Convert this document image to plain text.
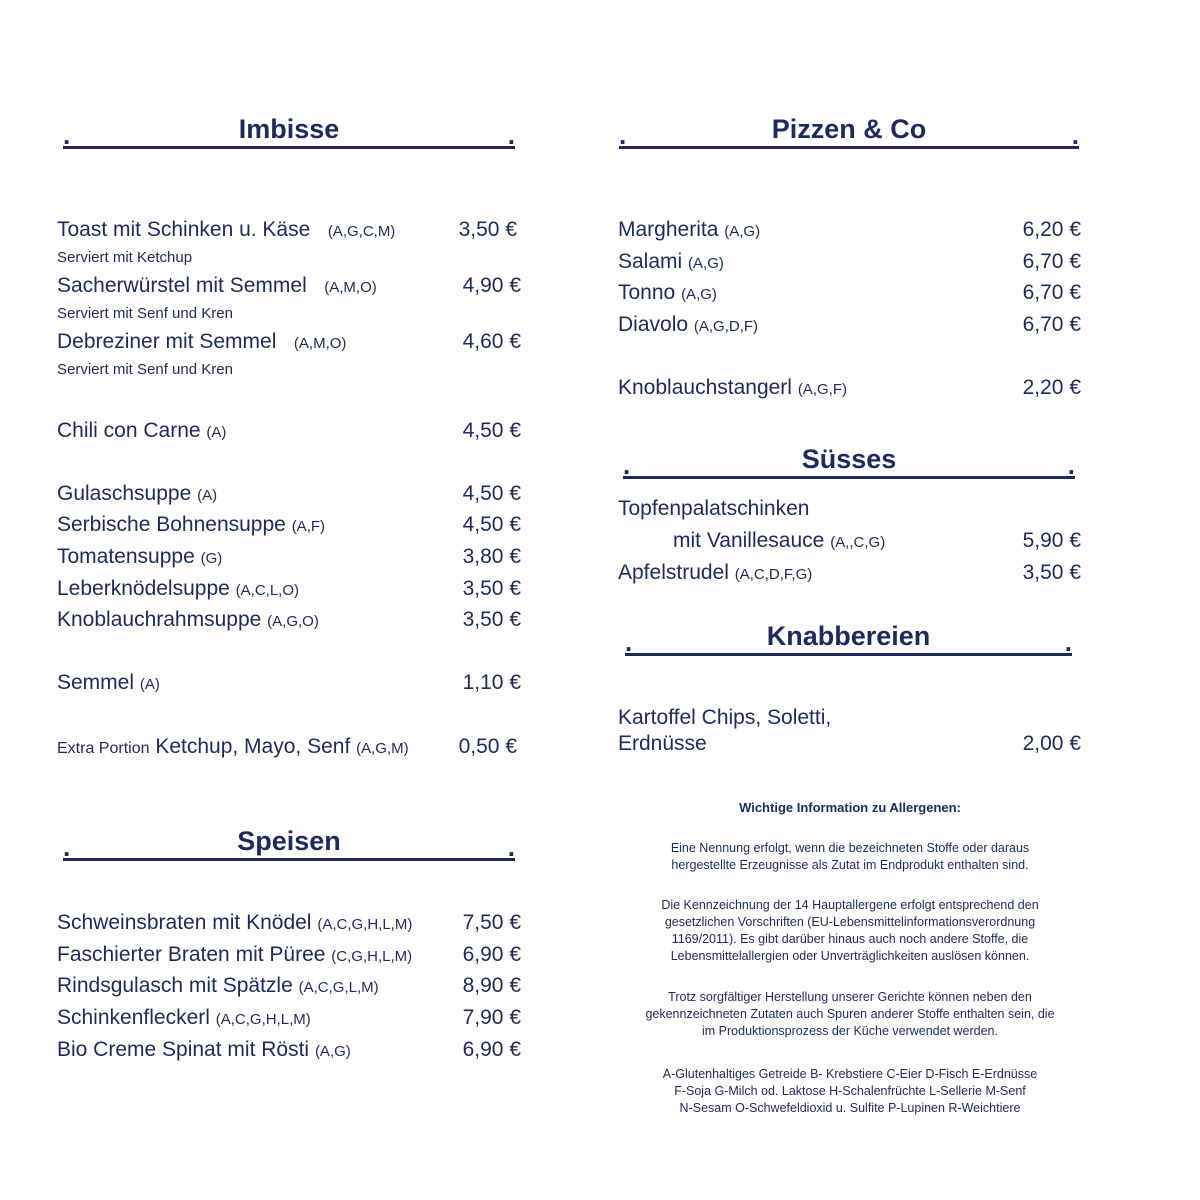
.	Imbisse	.	.	Pizzen & Co	.
.	Süsses	.
.	Knabbereien	.
.	Speisen	.
Toast mit Schinken u. Käse (A,G,C,M)	3,50 €
Serviert mit Ketchup
Sacherwürstel mit Semmel (A,M,O)	4,90 €
Serviert mit Senf und Kren
Debreziner mit Semmel (A,M,O)	4,60 €
Serviert mit Senf und Kren
Chili con Carne (A)	4,50 €
Gulaschsuppe (A)	4,50 €
Serbische Bohnensuppe (A,F)	4,50 €
Tomatensuppe (G)	3,80 €
Leberknödelsuppe (A,C,L,O)	3,50 €
Knoblauchrahmsuppe (A,G,O)	3,50 €
Semmel (A)	1,10 €
Extra Portion Ketchup, Mayo, Senf (A,G,M) 0,50 €
Schweinsbraten mit Knödel (A,C,G,H,L,M) 7,50 €
Faschierter Braten mit Püree (C,G,H,L,M) 6,90 €
Rindsgulasch mit Spätzle (A,C,G,L,M)	8,90 €
Schinkenfleckerl (A,C,G,H,L,M)	7,90 €
Bio Creme Spinat mit Rösti (A,G)	6,90 €
Margherita (A,G)	6,20 €
Salami (A,G)	6,70 €
Tonno (A,G)	6,70 €
Diavolo (A,G,D,F)	6,70 €
Knoblauchstangerl (A,G,F)	2,20 €
Topfenpalatschinken
mit Vanillesauce (A,,C,G)	5,90 €
Apfelstrudel (A,C,D,F,G)	3,50 €
Kartoffel Chips, Soletti,
Erdnüsse	2,00 €
Wichtige Information zu Allergenen:
Eine Nennung erfolgt, wenn die bezeichneten Stoffe oder daraus
hergestellte Erzeugnisse als Zutat im Endprodukt enthalten sind.
Die Kennzeichnung der 14 Hauptallergene erfolgt entsprechend den
gesetzlichen Vorschriften (EU-Lebensmittelinformationsverordnung
1169/2011). Es gibt darüber hinaus auch noch andere Stoffe, die
Lebensmittelallergien oder Unverträglichkeiten auslösen können.
Trotz sorgfältiger Herstellung unserer Gerichte können neben den
gekennzeichneten Zutaten auch Spuren anderer Stoffe enthalten sein, die
im Produktionsprozess der Küche verwendet werden.
A-Glutenhaltiges Getreide B- Krebstiere C-Eier D-Fisch E-Erdnüsse
F-Soja G-Milch od. Laktose H-Schalenfrüchte L-Sellerie M-Senf
N-Sesam O-Schwefeldioxid u. Sulfite P-Lupinen R-Weichtiere
